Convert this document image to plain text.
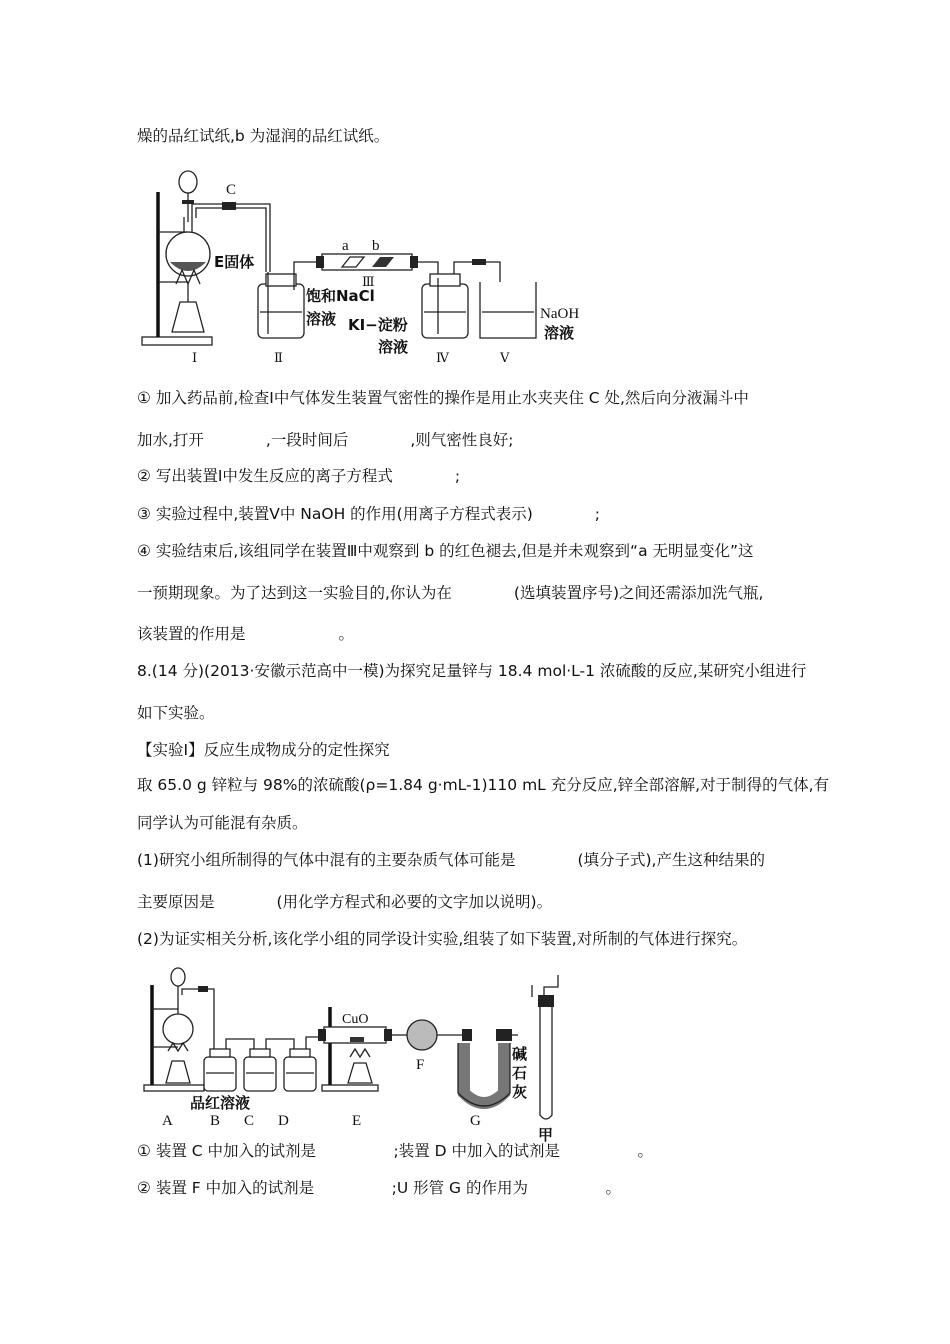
燥的品红试纸,b 为湿润的品红试纸。
C
E固体
a b
Ⅲ
饱和NaCl
溶液 KI−淀粉
溶液
NaOH
溶液
Ⅰ	Ⅱ	Ⅳ	Ⅴ
① 加入药品前,检查Ⅰ中气体发生装置气密性的操作是用止水夹夹住 C 处,然后向分液漏斗中
加水,打开　　　　,一段时间后　　　　,则气密性良好;
② 写出装置Ⅰ中发生反应的离子方程式　　　　;
③ 实验过程中,装置Ⅴ中 NaOH 的作用(用离子方程式表示)　　　　;
④ 实验结束后,该组同学在装置Ⅲ中观察到 b 的红色褪去,但是并未观察到“a 无明显变化”这
一预期现象。为了达到这一实验目的,你认为在　　　　(选填装置序号)之间还需添加洗气瓶,
该装置的作用是　　　　　　。
8.(14 分)(2013·安徽示范高中一模)为探究足量锌与 18.4 mol·L-1 浓硫酸的反应,某研究小组进行
如下实验。
【实验Ⅰ】反应生成物成分的定性探究
取 65.0 g 锌粒与 98%的浓硫酸(ρ=1.84 g·mL-1)110 mL 充分反应,锌全部溶解,对于制得的气体,有
同学认为可能混有杂质。
(1)研究小组所制得的气体中混有的主要杂质气体可能是　　　　(填分子式),产生这种结果的
主要原因是　　　　(用化学方程式和必要的文字加以说明)。
(2)为证实相关分析,该化学小组的同学设计实验,组装了如下装置,对所制的气体进行探究。
CuO
品红溶液
F
碱
石
灰
甲
A B C D	E	G
① 装置 C 中加入的试剂是　　　　　;装置 D 中加入的试剂是　　　　　。
② 装置 F 中加入的试剂是　　　　　;U 形管 G 的作用为　　　　　。
